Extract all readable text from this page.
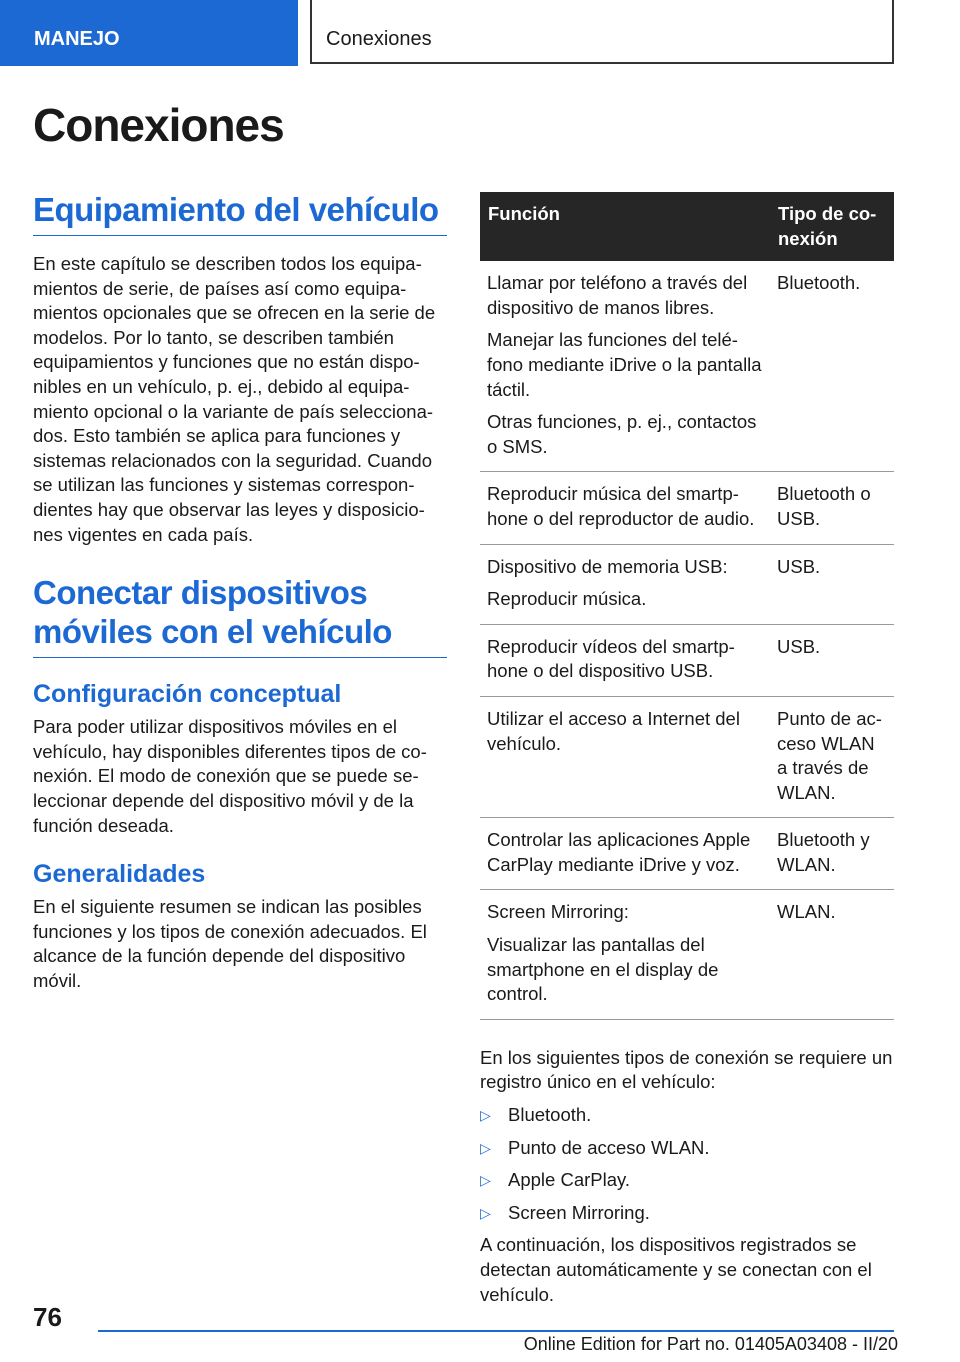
MANEJO	Conexiones
Conexiones
Equipamiento del vehículo

En este capítulo se describen todos los equipamientos de serie, de países así como equipamientos opcionales que se ofrecen en la serie de modelos. Por lo tanto, se describen también equipamientos y funciones que no están disponibles en un vehículo, p. ej., debido al equipamiento opcional o la variante de país seleccionados. Esto también se aplica para funciones y sistemas relacionados con la seguridad. Cuando se utilizan las funciones y sistemas correspondientes hay que observar las leyes y disposiciones vigentes en cada país.

Conectar dispositivos móviles con el vehículo
Configuración conceptual

Para poder utilizar dispositivos móviles en el vehículo, hay disponibles diferentes tipos de conexión. El modo de conexión que se puede seleccionar depende del dispositivo móvil y de la función deseada.

Generalidades

En el siguiente resumen se indican las posibles funciones y los tipos de conexión adecuados. El alcance de la función depende del dispositivo móvil.

Función	Tipo de conexión

Llamar por teléfono a través del dispositivo de manos libres.
Manejar las funciones del teléfono mediante iDrive o la pantalla táctil.
Otras funciones, p. ej., contactos o SMS.	Bluetooth.

Reproducir música del smartphone o del reproductor de audio.	Bluetooth o USB.

Dispositivo de memoria USB:
Reproducir música.	USB.

Reproducir vídeos del smartphone o del dispositivo USB.	USB.

Utilizar el acceso a Internet del vehículo.	Punto de acceso WLAN a través de WLAN.

Controlar las aplicaciones Apple CarPlay mediante iDrive y voz.	Bluetooth y WLAN.

Screen Mirroring:
Visualizar las pantallas del smartphone en el display de control.	WLAN.

En los siguientes tipos de conexión se requiere un registro único en el vehículo:

▷ Bluetooth.
▷ Punto de acceso WLAN.
▷ Apple CarPlay.
▷ Screen Mirroring.

A continuación, los dispositivos registrados se detectan automáticamente y se conectan con el vehículo.

76
Online Edition for Part no. 01405A03408 - II/20
